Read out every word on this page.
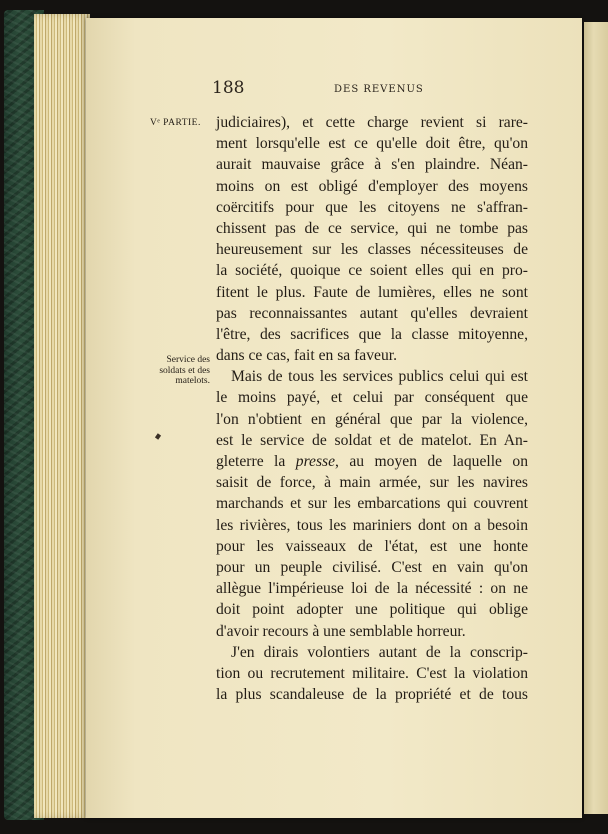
188	DES REVENUS
Vᵉ PARTIE.
Service des
soldats et des
matelots.
judiciaires), et cette charge revient si rare-
ment lorsqu'elle est ce qu'elle doit être, qu'on
aurait mauvaise grâce à s'en plaindre. Néan-
moins on est obligé d'employer des moyens
coërcitifs pour que les citoyens ne s'affran-
chissent pas de ce service, qui ne tombe pas
heureusement sur les classes nécessiteuses de
la société, quoique ce soient elles qui en pro-
fitent le plus. Faute de lumières, elles ne sont
pas reconnaissantes autant qu'elles devraient
l'être, des sacrifices que la classe mitoyenne,
dans ce cas, fait en sa faveur.
Mais de tous les services publics celui qui est
le moins payé, et celui par conséquent que
l'on n'obtient en général que par la violence,
est le service de soldat et de matelot. En An-
gleterre la presse, au moyen de laquelle on
saisit de force, à main armée, sur les navires
marchands et sur les embarcations qui couvrent
les rivières, tous les mariniers dont on a besoin
pour les vaisseaux de l'état, est une honte
pour un peuple civilisé. C'est en vain qu'on
allègue l'impérieuse loi de la nécessité : on ne
doit point adopter une politique qui oblige
d'avoir recours à une semblable horreur.
J'en dirais volontiers autant de la conscrip-
tion ou recrutement militaire. C'est la violation
la plus scandaleuse de la propriété et de tous
